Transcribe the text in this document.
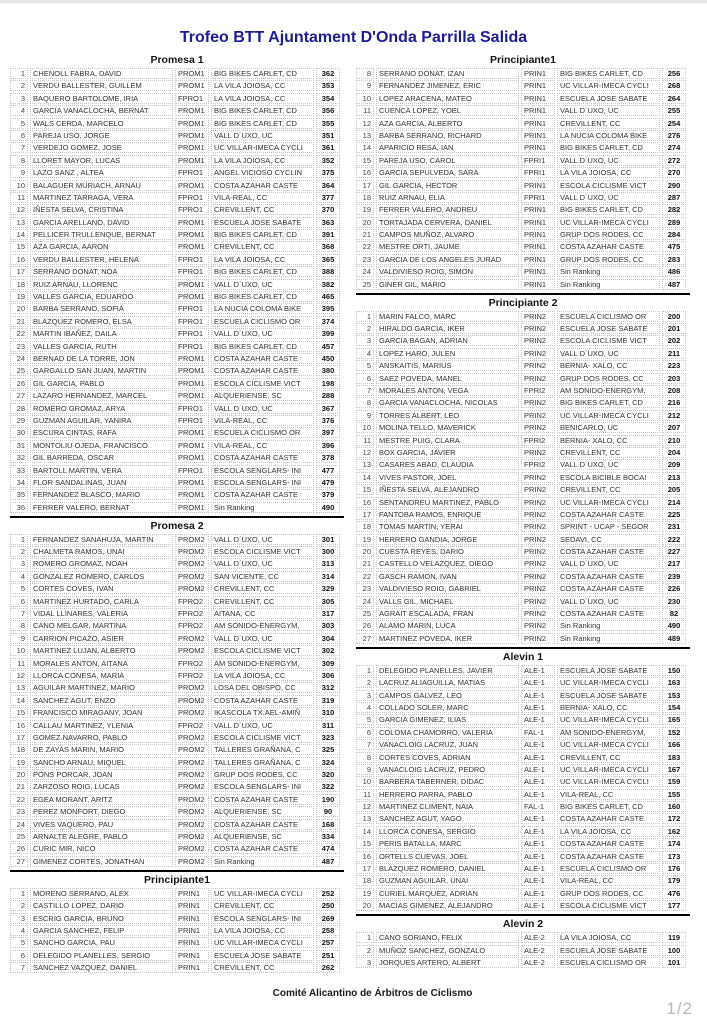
Trofeo BTT Ajuntament D'Onda Parrilla Salida
Promesa 1
1	CHENOLL FABRA, DAVID	PROM1	BIG BIKES CARLET, CD	362
2	VERDU BALLESTER, GUILLEM	PROM1	LA VILA JOIOSA, CC	353
3	BAQUERO BARTOLOME, IRIA	FPRO1	LA VILA JOIOSA, CC	354
4	GARCIA VANACLOCHA, BERNAT	PROM1	BIG BIKES CARLET, CD	356
5	WALS CERDA, MARCELO	PROM1	BIG BIKES CARLET, CD	355
6	PAREJA USO, JORGE	PROM1	VALL D´UXO, UC	351
7	VERDEJO GOMEZ, JOSE	PROM1	UC VILLAR-IMECA CYCLI	361
8	LLORET MAYOR, LUCAS	PROM1	LA VILA JOIOSA, CC	352
9	LAZO SANZ , ALTEA	FPRO1	ANGEL VICIOSO CYCLIN	375
10	BALAGUER MURIACH, ARNAU	PROM1	COSTA AZAHAR CASTE	364
11	MARTINEZ TARRAGA, VERA	FPRO1	VILA-REAL, CC	377
12	IÑESTA SELVA, CRISTINA	FPRO1	CREVILLENT, CC	370
13	GARCIA ARELLANO, DAVID	PROM1	ESCUELA JOSE SABATE	363
14	PELLICER TRULLENQUE, BERNAT	PROM1	BIG BIKES CARLET, CD	391
15	AZA GARCIA, AARON	PROM1	CREVILLENT, CC	368
16	VERDU BALLESTER, HELENA	FPRO1	LA VILA JOIOSA, CC	365
17	SERRANO DONAT, NOA	FPRO1	BIG BIKES CARLET, CD	388
18	RUIZ ARNAU, LLORENC	PROM1	VALL D´UXO, UC	382
19	VALLES GARCIA, EDUARDO	PROM1	BIG BIKES CARLET, CD	465
20	BARBA SERRANO, SOFIA	FPRO1	LA NUCIA COLOMA BIKE	395
21	BLAZQUEZ ROMERO, ELSA	FPRO1	ESCUELA CICLISMO OR	374
22	MARTIN IBAÑEZ, DAILA	FPRO1	VALL D´UXO, UC	399
23	VALLES GARCIA, RUTH	FPRO1	BIG BIKES CARLET, CD	457
24	BERNAD DE LA TORRE, JON	PROM1	COSTA AZAHAR CASTE	450
25	GARGALLO SAN JUAN, MARTIN	PROM1	COSTA AZAHAR CASTE	380
26	GIL GARCIA, PABLO	PROM1	ESCOLA CICLISME VICT	198
27	LAZARO HERNANDEZ, MARCEL	PROM1	ALQUERIENSE, SC	288
28	ROMERO GROMAZ, ARYA	FPRO1	VALL D´UXO, UC	367
29	GUZMAN AGUILAR, YANIRA	FPRO1	VILA-REAL, CC	376
30	ESCURA CINTAS, RAFA	PROM1	ESCUELA CICLISMO OR	397
31	MONTOLIU OJEDA, FRANCISCO	PROM1	VILA-REAL, CC	396
32	GIL BARREDA, OSCAR	PROM1	COSTA AZAHAR CASTE	378
33	BARTOLL MARTIN, VERA	FPRO1	ESCOLA SENGLARS- INI	477
34	FLOR SANDALINAS, JUAN	PROM1	ESCOLA SENGLARS- INI	479
35	FERNANDEZ BLASCO, MARIO	PROM1	COSTA AZAHAR CASTE	379
36	FERRER VALERO, BERNAT	PROM1	Sin Ranking	490
Promesa 2
1	FERNANDEZ SANAHUJA, MARTIN	PROM2	VALL D´UXO, UC	301
2	CHALMETA RAMOS, UNAI	PROM2	ESCOLA CICLISME VICT	300
3	ROMERO GROMAZ, NOAH	PROM2	VALL D´UXO, UC	313
4	GONZALEZ ROMERO, CARLOS	PROM2	SAN VICENTE, CC	314
5	CORTES COVES, IVAN	PROM2	CREVILLENT, CC	329
6	MARTINEZ HURTADO, CARLA	FPRO2	CREVILLENT, CC	305
7	VIDAL LLINARES, VALERIA	FPRO2	AITANA, CC	317
8	CANO MELGAR, MARTINA	FPRO2	AM SONIDO-ENERGYM,	303
9	CARRION PICAZO, ASIER	PROM2	VALL D´UXO, UC	304
10	MARTINEZ LUJAN, ALBERTO	PROM2	ESCOLA CICLISME VICT	302
11	MORALES ANTON, AITANA	FPRO2	AM SONIDO-ENERGYM,	309
12	LLORCA CONESA, MARIA	FPRO2	LA VILA JOIOSA, CC	306
13	AGUILAR MARTINEZ, MARIO	PROM2	LOSA DEL OBISPO, CC	312
14	SANCHEZ AGUT, ENZO	PROM2	COSTA AZAHAR CASTE	319
15	FRANCISCO MIRAGANY, JOAN	PROM2	IKASCOLA TX.AEL-AMIÑ	310
16	CALLAU MARTINEZ, YLENIA	FPRO2	VALL D´UXO, UC	311
17	GOMEZ NAVARRO, PABLO	PROM2	ESCOLA CICLISME VICT	323
18	DE ZAYAS MARIN, MARIO	PROM2	TALLERES GRAÑANA, C	325
19	SANCHO ARNAU, MIQUEL	PROM2	TALLERES GRAÑANA, C	324
20	PONS PORCAR, JOAN	PROM2	GRUP DOS RODES, CC	320
21	ZARZOSO ROIG, LUCAS	PROM2	ESCOLA SENGLARS- INI	322
22	EGEA MORANT, ARITZ	PROM2	COSTA AZAHAR CASTE	190
23	PEREZ MONFORT, DIEGO	PROM2	ALQUERIENSE, SC	90
24	VIVES VAQUERO, PAU	PROM2	COSTA AZAHAR CASTE	168
25	ARNALTE ALEGRE, PABLO	PROM2	ALQUERIENSE, SC	334
26	CURIC MIR, NICO	PROM2	COSTA AZAHAR CASTE	474
27	GIMENEZ CORTES, JONATHAN	PROM2	Sin Ranking	487
Principiante1
1	MORENO SERRANO, ALEX	PRIN1	UC VILLAR-IMECA CYCLI	252
2	CASTILLO LOPEZ, DARIO	PRIN1	CREVILLENT, CC	250
3	ESCRIG GARCIA, BRUNO	PRIN1	ESCOLA SENGLARS- INI	269
4	GARCIA SANCHEZ, FELIP	PRIN1	LA VILA JOIOSA, CC	258
5	SANCHO GARCIA, PAU	PRIN1	UC VILLAR-IMECA CYCLI	257
6	DELEGIDO PLANELLES, SERGIO	PRIN1	ESCUELA JOSE SABATE	251
7	SANCHEZ VAZQUEZ, DANIEL	PRIN1	CREVILLENT, CC	262
Principiante1
8	SERRANO DONAT, IZAN	PRIN1	BIG BIKES CARLET, CD	256
9	FERNANDEZ JIMENEZ, ERIC	PRIN1	UC VILLAR-IMECA CYCLI	268
10	LOPEZ ARACENA, MATEO	PRIN1	ESCUELA JOSE SABATE	264
11	CUENCA LOPEZ, YOEL	PRIN1	VALL D´UXO, UC	255
12	AZA GARCIA, ALBERTO	PRIN1	CREVILLENT, CC	254
13	BARBA SERRANO, RICHARD	PRIN1	LA NUCIA COLOMA BIKE	276
14	APARICIO RESA, IAN	PRIN1	BIG BIKES CARLET, CD	274
15	PAREJA USO, CAROL	FPRI1	VALL D´UXO, UC	272
16	GARCIA SEPULVEDA, SARA	FPRI1	LA VILA JOIOSA, CC	270
17	GIL GARCIA, HECTOR	PRIN1	ESCOLA CICLISME VICT	290
18	RUIZ ARNAU, ELIA	FPRI1	VALL D´UXO, UC	287
19	FERRER VALERO, ANDREU	PRIN1	BIG BIKES CARLET, CD	282
20	TORTAJADA CERVERA, DANIEL	PRIN1	UC VILLAR-IMECA CYCLI	289
21	CAMPOS MUÑOZ, ALVARO	PRIN1	GRUP DOS RODES, CC	284
22	MESTRE ORTI, JAUME	PRIN1	COSTA AZAHAR CASTE	475
23	GARCIA DE LOS ANGELES JURAD	PRIN1	GRUP DOS RODES, CC	283
24	VALDIVIESO ROIG, SIMON	PRIN1	Sin Ranking	486
25	GINER GIL, MARIO	PRIN1	Sin Ranking	487
Principiante 2
1	MARIN FALCO, MARC	PRIN2	ESCUELA CICLISMO OR	200
2	HIRALDO GARCIA, IKER	PRIN2	ESCUELA JOSE SABATE	201
3	GARCIA BAGAN, ADRIAN	PRIN2	ESCOLA CICLISME VICT	202
4	LOPEZ HARO, JULEN	PRIN2	VALL D´UXO, UC	211
5	ANSKAITIS, MARIUS	PRIN2	BERNIA- XALO, CC	223
6	SAEZ POVEDA, MANEL	PRIN2	GRUP DOS RODES, CC	203
7	MORALES ANTON, VEGA	FPRI2	AM SONIDO-ENERGYM,	208
8	GARCIA VANACLOCHA, NICOLAS	PRIN2	BIG BIKES CARLET, CD	216
9	TORRES ALBERT, LEO	PRIN2	UC VILLAR-IMECA CYCLI	212
10	MOLINA TELLO, MAVERICK	PRIN2	BENICARLO, UC	207
11	MESTRE PUIG, CLARA	FPRI2	BERNIA- XALO, CC	210
12	BOX GARCIA, JAVIER	PRIN2	CREVILLENT, CC	204
13	CASARES ABAD, CLAUDIA	FPRI2	VALL D´UXO, UC	209
14	VIVES PASTOR, JOEL	PRIN2	ESCOLA BICIBLE BOCAI	213
15	IÑESTA SELVA, ALEJANDRO	PRIN2	CREVILLENT, CC	205
16	SENTANDREU MARTINEZ, PABLO	PRIN2	UC VILLAR-IMECA CYCLI	214
17	FANTOBA RAMOS, ENRIQUE	PRIN2	COSTA AZAHAR CASTE	225
18	TOMAS MARTIN, YERAI	PRIN2	SPRINT - UCAP - SEGOR	231
19	HERRERO GANDIA, JORGE	PRIN2	SEDAVI, CC	222
20	CUESTA REYES, DARIO	PRIN2	COSTA AZAHAR CASTE	227
21	CASTELLO VELAZQUEZ, DIEGO	PRIN2	VALL D´UXO, UC	217
22	GASCH RAMON, IVAN	PRIN2	COSTA AZAHAR CASTE	239
23	VALDIVIESO ROIG, GABRIEL	PRIN2	COSTA AZAHAR CASTE	226
24	VALLS GIL, MICHAEL	PRIN2	VALL D´UXO, UC	230
25	AGRAIT ESCALADA, FRAN	PRIN2	COSTA AZAHAR CASTE	82
26	ALAMO MARIN, LUCA	PRIN2	Sin Ranking	490
27	MARTINEZ POVEDA, IKER	PRIN2	Sin Ranking	489
Alevin 1
1	DELEGIDO PLANELLES, JAVIER	ALE-1	ESCUELA JOSE SABATE	150
2	LACRUZ ALIAGUILLA, MATIAS	ALE-1	UC VILLAR-IMECA CYCLI	163
3	CAMPOS GALVEZ, LEO	ALE-1	ESCUELA JOSE SABATE	153
4	COLLADO SOLER, MARC	ALE-1	BERNIA- XALO, CC	154
5	GARCIA GIMENEZ, ILIAS	ALE-1	UC VILLAR-IMECA CYCLI	165
6	COLOMA CHAMORRO, VALERIA	FAL-1	AM SONIDO-ENERGYM,	152
7	VANACLOIG LACRUZ, JUAN	ALE-1	UC VILLAR-IMECA CYCLI	166
8	CORTES COVES, ADRIAN	ALE-1	CREVILLENT, CC	183
9	VANACLOIG LACRUZ, PEDRO	ALE-1	UC VILLAR-IMECA CYCLI	167
10	BARBERA TABERNER, DIDAC	ALE-1	UC VILLAR-IMECA CYCLI	159
11	HERRERO PARRA, PABLO	ALE-1	VILA-REAL, CC	155
12	MARTINEZ CLIMENT, NAIA	FAL-1	BIG BIKES CARLET, CD	160
13	SANCHEZ AGUT, YAGO	ALE-1	COSTA AZAHAR CASTE	172
14	LLORCA CONESA, SERGIO	ALE-1	LA VILA JOIOSA, CC	162
15	PERIS BATALLA, MARC	ALE-1	COSTA AZAHAR CASTE	174
16	ORTELLS CUEVAS, JOEL	ALE-1	COSTA AZAHAR CASTE	173
17	BLAZQUEZ ROMERO, DANIEL	ALE-1	ESCUELA CICLISMO OR	176
18	GUZMAN AGUILAR, UNAI	ALE-1	VILA-REAL, CC	179
19	CURIEL MARQUEZ, ADRIAN	ALE-1	GRUP DOS RODES, CC	476
20	MACIAS GIMENEZ, ALEJANDRO	ALE-1	ESCOLA CICLISME VICT	177
Alevin 2
1	CANO SORIANO, FELIX	ALE-2	LA VILA JOIOSA, CC	119
2	MUÑOZ SANCHEZ, GONZALO	ALE-2	ESCUELA JOSE SABATE	100
3	JORQUES ARTERO, ALBERT	ALE-2	ESCUELA CICLISMO OR	101
Comité Alicantino de Árbitros de Ciclismo
1/2
